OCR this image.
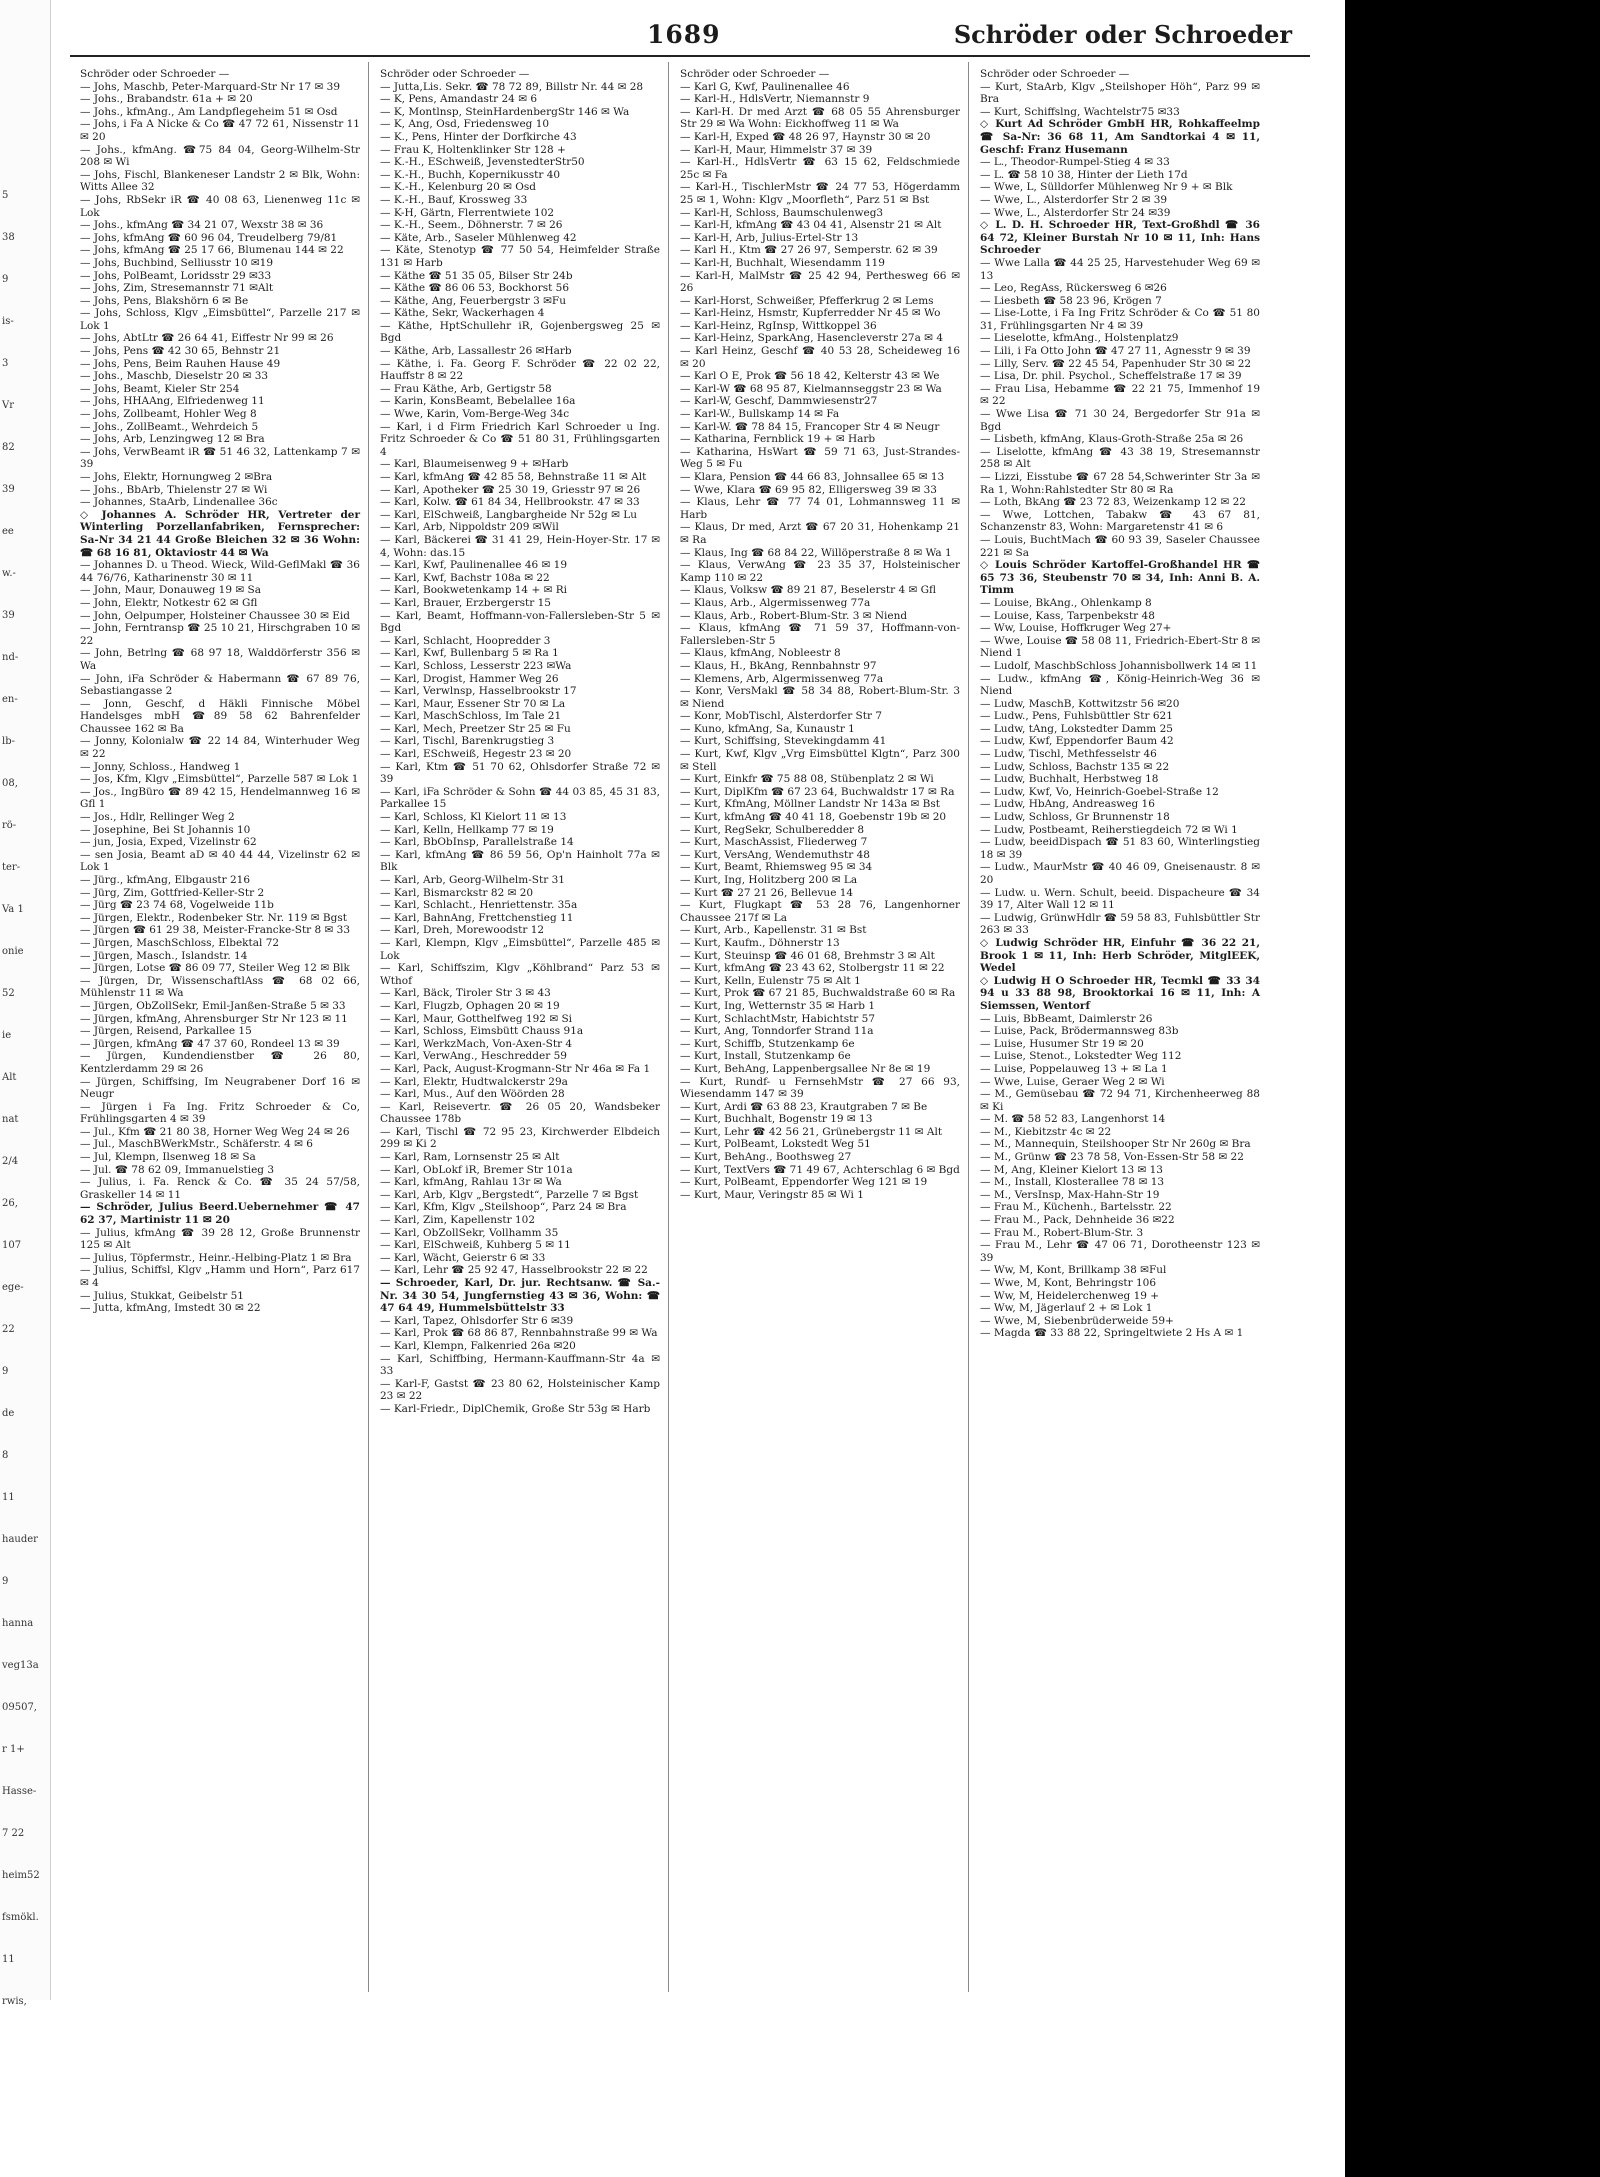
5
38
9
is-
3
Vr
82
39
ee
w.-
39
nd-
en-
lb-
08,
rö-
ter-
Va 1
onie
52
ie
Alt
nat
2/4
26,
107
ege-
22
9
de
8
11
hauder
9
hanna
veg13a
09507,
r 1+
Hasse-
7 22
heim52
fsmökl.
11
rwis,
1689	Schröder oder Schroeder

Schröder oder Schroeder —

— Johs, Maschb, Peter-Marquard-Str Nr 17 ✉ 39

— Johs., Brabandstr. 61a + ✉ 20

— Johs., kfmAng., Am Landpflegeheim 51 ✉ Osd

— Johs, i Fa A Nicke & Co ☎ 47 72 61, Nissenstr 11 ✉ 20

— Johs., kfmAng. ☎75 84 04, Georg-Wilhelm-Str 208 ✉ Wi

— Johs, Fischl, Blankeneser Landstr 2 ✉ Blk, Wohn: Witts Allee 32

— Johs, RbSekr iR ☎ 40 08 63, Lienenweg 11c ✉ Lok

— Johs., kfmAng ☎ 34 21 07, Wexstr 38 ✉ 36

— Johs, kfmAng ☎ 60 96 04, Treudelberg 79/81

— Johs, kfmAng ☎ 25 17 66, Blumenau 144 ✉ 22

— Johs, Buchbind, Selliusstr 10 ✉19

— Johs, PolBeamt, Loridsstr 29 ✉33

— Johs, Zim, Stresemannstr 71 ✉Alt

— Johs, Pens, Blakshörn 6 ✉ Be

— Johs, Schloss, Klgv „Eimsbüttel“, Parzelle 217 ✉ Lok 1

— Johs, AbtLtr ☎ 26 64 41, Eiffestr Nr 99 ✉ 26

— Johs, Pens ☎ 42 30 65, Behnstr 21

— Johs, Pens, Beim Rauhen Hause 49

— Johs., Maschb, Dieselstr 20 ✉ 33

— Johs, Beamt, Kieler Str 254

— Johs, HHAAng, Elfriedenweg 11

— Johs, Zollbeamt, Hohler Weg 8

— Johs., ZollBeamt., Wehrdeich 5

— Johs, Arb, Lenzingweg 12 ✉ Bra

— Johs, VerwBeamt iR ☎ 51 46 32, Lattenkamp 7 ✉ 39

— Johs, Elektr, Hornungweg 2 ✉Bra

— Johs., BbArb, Thielenstr 27 ✉ Wi

— Johannes, StaArb, Lindenallee 36c

◇ Johannes A. Schröder HR, Vertreter der Winterling Porzellanfabriken, Fernsprecher: Sa-Nr 34 21 44 Große Bleichen 32 ✉ 36 Wohn: ☎ 68 16 81, Oktaviostr 44 ✉ Wa

— Johannes D. u Theod. Wieck, Wild-GeflMakl ☎ 36 44 76/76, Katharinenstr 30 ✉ 11

— John, Maur, Donauweg 19 ✉ Sa

— John, Elektr, Notkestr 62 ✉ Gfl

— John, Oelpumper, Holsteiner Chaussee 30 ✉ Eid

— John, Ferntransp ☎ 25 10 21, Hirschgraben 10 ✉ 22

— John, Betrlng ☎ 68 97 18, Walddörferstr 356 ✉ Wa

— John, iFa Schröder & Habermann ☎ 67 89 76, Sebastiangasse 2

— Jonn, Geschf, d Häkli Finnische Möbel Handelsges mbH ☎89 58 62 Bahrenfelder Chaussee 162 ✉ Ba

— Jonny, Kolonialw ☎ 22 14 84, Winterhuder Weg ✉ 22

— Jonny, Schloss., Handweg 1

— Jos, Kfm, Klgv „Eimsbüttel“, Parzelle 587 ✉ Lok 1

— Jos., IngBüro ☎ 89 42 15, Hendelmannweg 16 ✉ Gfl 1

— Jos., Hdlr, Rellinger Weg 2

— Josephine, Bei St Johannis 10

— jun, Josia, Exped, Vizelinstr 62

— sen Josia, Beamt aD ✉ 40 44 44, Vizelinstr 62 ✉ Lok 1

— Jürg., kfmAng, Elbgaustr 216

— Jürg, Zim, Gottfried-Keller-Str 2

— Jürg ☎ 23 74 68, Vogelweide 11b

— Jürgen, Elektr., Rodenbeker Str. Nr. 119 ✉ Bgst

— Jürgen ☎ 61 29 38, Meister-Francke-Str 8 ✉ 33

— Jürgen, MaschSchloss, Elbektal 72

— Jürgen, Masch., Islandstr. 14

— Jürgen, Lotse ☎ 86 09 77, Steiler Weg 12 ✉ Blk

— Jürgen, Dr, WissenschaftlAss ☎ 68 02 66, Mühlenstr 11 ✉ Wa

— Jürgen, ObZollSekr, Emil-Janßen-Straße 5 ✉ 33

— Jürgen, kfmAng, Ahrensburger Str Nr 123 ✉ 11

— Jürgen, Reisend, Parkallee 15

— Jürgen, kfmAng ☎ 47 37 60, Rondeel 13 ✉ 39

— Jürgen, Kundendienstber ☎ 26 80, Kentzlerdamm 29 ✉ 26

— Jürgen, Schiffsing, Im Neugrabener Dorf 16 ✉ Neugr

— Jürgen i Fa Ing. Fritz Schroeder & Co, Frühlingsgarten 4 ✉ 39

— Jul., Kfm ☎ 21 80 38, Horner Weg Weg 24 ✉ 26

— Jul., MaschBWerkMstr., Schäferstr. 4 ✉ 6

— Jul, Klempn, Ilsenweg 18 ✉ Sa

— Jul. ☎ 78 62 09, Immanuelstieg 3

— Julius, i. Fa. Renck & Co. ☎ 35 24 57/58, Graskeller 14 ✉ 11

— Schröder, Julius Beerd.Uebernehmer ☎ 47 62 37, Martinistr 11 ✉ 20

— Julius, kfmAng ☎ 39 28 12, Große Brunnenstr 125 ✉ Alt

— Julius, Töpfermstr., Heinr.-Helbing-Platz 1 ✉ Bra

— Julius, Schiffsl, Klgv „Hamm und Horn“, Parz 617 ✉ 4

— Julius, Stukkat, Geibelstr 51

— Jutta, kfmAng, Imstedt 30 ✉ 22

Schröder oder Schroeder —

— Jutta,Lis. Sekr. ☎ 78 72 89, Billstr Nr. 44 ✉ 28

— K, Pens, Amandastr 24 ✉ 6

— K, Montlnsp, SteinHardenbergStr 146 ✉ Wa

— K, Ang, Osd, Friedensweg 10

— K., Pens, Hinter der Dorfkirche 43

— Frau K, Holtenklinker Str 128 +

— K.-H., ESchweiß, JevenstedterStr50

— K.-H., Buchh, Kopernikusstr 40

— K.-H., Kelenburg 20 ✉ Osd

— K.-H., Bauf, Krossweg 33

— K-H, Gärtn, Flerrentwiete 102

— K.-H., Seem., Döhnerstr. 7 ✉ 26

— Käte, Arb., Saseler Mühlenweg 42

— Käte, Stenotyp ☎ 77 50 54, Heimfelder Straße 131 ✉ Harb

— Käthe ☎ 51 35 05, Bilser Str 24b

— Käthe ☎ 86 06 53, Bockhorst 56

— Käthe, Ang, Feuerbergstr 3 ✉Fu

— Käthe, Sekr, Wackerhagen 4

— Käthe, HptSchullehr iR, Gojenbergsweg 25 ✉ Bgd

— Käthe, Arb, Lassallestr 26 ✉Harb

— Käthe, i. Fa. Georg F. Schröder ☎ 22 02 22, Hauffstr 8 ✉ 22

— Frau Käthe, Arb, Gertigstr 58

— Karin, KonsBeamt, Bebelallee 16a

— Wwe, Karin, Vom-Berge-Weg 34c

— Karl, i d Firm Friedrich Karl Schroeder u Ing. Fritz Schroeder & Co ☎ 51 80 31, Frühlingsgarten 4

— Karl, Blaumeisenweg 9 + ✉Harb

— Karl, kfmAng ☎ 42 85 58, Behnstraße 11 ✉ Alt

— Karl, Apotheker ☎ 25 30 19, Griesstr 97 ✉ 26

— Karl, Kolw. ☎ 61 84 34, Hellbrookstr. 47 ✉ 33

— Karl, ElSchweiß, Langbargheide Nr 52g ✉ Lu

— Karl, Arb, Nippoldstr 209 ✉Wil

— Karl, Bäckerei ☎ 31 41 29, Hein-Hoyer-Str. 17 ✉ 4, Wohn: das.15

— Karl, Kwf, Paulinenallee 46 ✉ 19

— Karl, Kwf, Bachstr 108a ✉ 22

— Karl, Bookwetenkamp 14 + ✉ Ri

— Karl, Brauer, Erzbergerstr 15

— Karl, Beamt, Hoffmann-von-Fallersleben-Str 5 ✉ Bgd

— Karl, Schlacht, Hoopredder 3

— Karl, Kwf, Bullenbarg 5 ✉ Ra 1

— Karl, Schloss, Lesserstr 223 ✉Wa

— Karl, Drogist, Hammer Weg 26

— Karl, Verwlnsp, Hasselbrookstr 17

— Karl, Maur, Essener Str 70 ✉ La

— Karl, MaschSchloss, Im Tale 21

— Karl, Mech, Preetzer Str 25 ✉ Fu

— Karl, Tischl, Barenkrugstieg 3

— Karl, ESchweiß, Hegestr 23 ✉ 20

— Karl, Ktm ☎ 51 70 62, Ohlsdorfer Straße 72 ✉ 39

— Karl, iFa Schröder & Sohn ☎ 44 03 85, 45 31 83, Parkallee 15

— Karl, Schloss, Kl Kielort 11 ✉ 13

— Karl, Kelln, Hellkamp 77 ✉ 19

— Karl, BbObInsp, Parallelstraße 14

— Karl, kfmAng ☎ 86 59 56, Op'n Hainholt 77a ✉ Blk

— Karl, Arb, Georg-Wilhelm-Str 31

— Karl, Bismarckstr 82 ✉ 20

— Karl, Schlacht., Henriettenstr. 35a

— Karl, BahnAng, Frettchenstieg 11

— Karl, Dreh, Morewoodstr 12

— Karl, Klempn, Klgv „Eimsbüttel“, Parzelle 485 ✉ Lok

— Karl, Schiffszim, Klgv „Köhlbrand“ Parz 53 ✉ Wthof

— Karl, Bäck, Tiroler Str 3 ✉ 43

— Karl, Flugzb, Ophagen 20 ✉ 19

— Karl, Maur, Gotthelfweg 192 ✉ Si

— Karl, Schloss, Eimsbütt Chauss 91a

— Karl, WerkzMach, Von-Axen-Str 4

— Karl, VerwAng., Heschredder 59

— Karl, Pack, August-Krogmann-Str Nr 46a ✉ Fa 1

— Karl, Elektr, Hudtwalckerstr 29a

— Karl, Mus., Auf den Wöörden 28

— Karl, Reisevertr. ☎ 26 05 20, Wandsbeker Chaussee 178b

— Karl, Tischl ☎ 72 95 23, Kirchwerder Elbdeich 299 ✉ Ki 2

— Karl, Ram, Lornsenstr 25 ✉ Alt

— Karl, ObLokf iR, Bremer Str 101a

— Karl, kfmAng, Rahlau 13r ✉ Wa

— Karl, Arb, Klgv „Bergstedt“, Parzelle 7 ✉ Bgst

— Karl, Kfm, Klgv „Steilshoop“, Parz 24 ✉ Bra

— Karl, Zim, Kapellenstr 102

— Karl, ObZollSekr, Vollhamm 35

— Karl, ElSchweiß, Kuhberg 5 ✉ 11

— Karl, Wächt, Geierstr 6 ✉ 33

— Karl, Lehr ☎ 25 92 47, Hasselbrookstr 22 ✉ 22

— Schroeder, Karl, Dr. jur. Rechtsanw. ☎ Sa.-Nr. 34 30 54, Jungfernstieg 43 ✉ 36, Wohn: ☎ 47 64 49, Hummelsbüttelstr 33

— Karl, Tapez, Ohlsdorfer Str 6 ✉39

— Karl, Prok ☎ 68 86 87, Rennbahnstraße 99 ✉ Wa

— Karl, Klempn, Falkenried 26a ✉20

— Karl, Schiffbing, Hermann-Kauffmann-Str 4a ✉ 33

— Karl-F, Gastst ☎ 23 80 62, Holsteinischer Kamp 23 ✉ 22

— Karl-Friedr., DiplChemik, Große Str 53g ✉ Harb

Schröder oder Schroeder —

— Karl G, Kwf, Paulinenallee 46

— Karl-H., HdlsVertr, Niemannstr 9

— Karl-H. Dr med Arzt ☎ 68 05 55 Ahrensburger Str 29 ✉ Wa Wohn: Eickhoffweg 11 ✉ Wa

— Karl-H, Exped ☎ 48 26 97, Haynstr 30 ✉ 20

— Karl-H, Maur, Himmelstr 37 ✉ 39

— Karl-H., HdlsVertr ☎ 63 15 62, Feldschmiede 25c ✉ Fa

— Karl-H., TischlerMstr ☎ 24 77 53, Högerdamm 25 ✉ 1, Wohn: Klgv „Moorfleth“, Parz 51 ✉ Bst

— Karl-H, Schloss, Baumschulenweg3

— Karl-H, kfmAng ☎ 43 04 41, Alsenstr 21 ✉ Alt

— Karl-H, Arb, Julius-Ertel-Str 13

— Karl H., Ktm ☎ 27 26 97, Semperstr. 62 ✉ 39

— Karl-H, Buchhalt, Wiesendamm 119

— Karl-H, MalMstr ☎ 25 42 94, Perthesweg 66 ✉ 26

— Karl-Horst, Schweißer, Pfefferkrug 2 ✉ Lems

— Karl-Heinz, Hsmstr, Kupferredder Nr 45 ✉ Wo

— Karl-Heinz, RgInsp, Wittkoppel 36

— Karl-Heinz, SparkAng, Hasencleverstr 27a ✉ 4

— Karl Heinz, Geschf ☎ 40 53 28, Scheideweg 16 ✉ 20

— Karl O E, Prok ☎ 56 18 42, Kelterstr 43 ✉ We

— Karl-W ☎ 68 95 87, Kielmannseggstr 23 ✉ Wa

— Karl-W, Geschf, Dammwiesenstr27

— Karl-W., Bullskamp 14 ✉ Fa

— Karl-W. ☎ 78 84 15, Francoper Str 4 ✉ Neugr

— Katharina, Fernblick 19 + ✉ Harb

— Katharina, HsWart ☎ 59 71 63, Just-Strandes-Weg 5 ✉ Fu

— Klara, Pension ☎ 44 66 83, Johnsallee 65 ✉ 13

— Wwe, Klara ☎ 69 95 82, Elligersweg 39 ✉ 33

— Klaus, Lehr ☎ 77 74 01, Lohmannsweg 11 ✉ Harb

— Klaus, Dr med, Arzt ☎ 67 20 31, Hohenkamp 21 ✉ Ra

— Klaus, Ing ☎ 68 84 22, Willöperstraße 8 ✉ Wa 1

— Klaus, VerwAng ☎ 23 35 37, Holsteinischer Kamp 110 ✉ 22

— Klaus, Volksw ☎ 89 21 87, Beselerstr 4 ✉ Gfl

— Klaus, Arb., Algermissenweg 77a

— Klaus, Arb., Robert-Blum-Str. 3 ✉ Niend

— Klaus, kfmAng ☎ 71 59 37, Hoffmann-von-Fallersleben-Str 5

— Klaus, kfmAng, Nobleestr 8

— Klaus, H., BkAng, Rennbahnstr 97

— Klemens, Arb, Algermissenweg 77a

— Konr, VersMakl ☎ 58 34 88, Robert-Blum-Str. 3 ✉ Niend

— Konr, MobTischl, Alsterdorfer Str 7

— Kuno, kfmAng, Sa, Kunaustr 1

— Kurt, Schiffsing, Stevekingdamm 41

— Kurt, Kwf, Klgv „Vrg Eimsbüttel Klgtn“, Parz 300 ✉ Stell

— Kurt, Einkfr ☎ 75 88 08, Stübenplatz 2 ✉ Wi

— Kurt, DiplKfm ☎ 67 23 64, Buchwaldstr 17 ✉ Ra

— Kurt, KfmAng, Möllner Landstr Nr 143a ✉ Bst

— Kurt, kfmAng ☎ 40 41 18, Goebenstr 19b ✉ 20

— Kurt, RegSekr, Schulberedder 8

— Kurt, MaschAssist, Fliederweg 7

— Kurt, VersAng, Wendemuthstr 48

— Kurt, Beamt, Rhiemsweg 95 ✉ 34

— Kurt, Ing, Holitzberg 200 ✉ La

— Kurt ☎ 27 21 26, Bellevue 14

— Kurt, Flugkapt ☎ 53 28 76, Langenhorner Chaussee 217f ✉ La

— Kurt, Arb., Kapellenstr. 31 ✉ Bst

— Kurt, Kaufm., Döhnerstr 13

— Kurt, Steuinsp ☎ 46 01 68, Brehmstr 3 ✉ Alt

— Kurt, kfmAng ☎ 23 43 62, Stolbergstr 11 ✉ 22

— Kurt, Kelln, Eulenstr 75 ✉ Alt 1

— Kurt, Prok ☎ 67 21 85, Buchwaldstraße 60 ✉ Ra

— Kurt, Ing, Wetternstr 35 ✉ Harb 1

— Kurt, SchlachtMstr, Habichtstr 57

— Kurt, Ang, Tonndorfer Strand 11a

— Kurt, Schiffb, Stutzenkamp 6e

— Kurt, Install, Stutzenkamp 6e

— Kurt, BehAng, Lappenbergsallee Nr 8e ✉ 19

— Kurt, Rundf- u FernsehMstr ☎ 27 66 93, Wiesendamm 147 ✉ 39

— Kurt, Ardi ☎ 63 88 23, Krautgraben 7 ✉ Be

— Kurt, Buchhalt, Bogenstr 19 ✉ 13

— Kurt, Lehr ☎ 42 56 21, Grünebergstr 11 ✉ Alt

— Kurt, PolBeamt, Lokstedt Weg 51

— Kurt, BehAng., Boothsweg 27

— Kurt, TextVers ☎ 71 49 67, Achterschlag 6 ✉ Bgd

— Kurt, PolBeamt, Eppendorfer Weg 121 ✉ 19

— Kurt, Maur, Veringstr 85 ✉ Wi 1

Schröder oder Schroeder —

— Kurt, StaArb, Klgv „Steilshoper Höh“, Parz 99 ✉ Bra

— Kurt, Schiffslng, Wachtelstr75 ✉33

◇ Kurt Ad Schröder GmbH HR, Rohkaffeelmp ☎ Sa-Nr: 36 68 11, Am Sandtorkai 4 ✉ 11, Geschf: Franz Husemann

— L., Theodor-Rumpel-Stieg 4 ✉ 33

— L. ☎ 58 10 38, Hinter der Lieth 17d

— Wwe, L, Sülldorfer Mühlenweg Nr 9 + ✉ Blk

— Wwe, L., Alsterdorfer Str 2 ✉ 39

— Wwe, L., Alsterdorfer Str 24 ✉39

◇ L. D. H. Schroeder HR, Text-Großhdl ☎ 36 64 72, Kleiner Burstah Nr 10 ✉ 11, Inh: Hans Schroeder

— Wwe Lalla ☎ 44 25 25, Harvestehuder Weg 69 ✉ 13

— Leo, RegAss, Rückersweg 6 ✉26

— Liesbeth ☎ 58 23 96, Krögen 7

— Lise-Lotte, i Fa Ing Fritz Schröder & Co ☎ 51 80 31, Frühlingsgarten Nr 4 ✉ 39

— Lieselotte, kfmAng., Holstenplatz9

— Lili, i Fa Otto John ☎ 47 27 11, Agnesstr 9 ✉ 39

— Lilly, Serv. ☎ 22 45 54, Papenhuder Str 30 ✉ 22

— Lisa, Dr. phil. Psychol., Scheffelstraße 17 ✉ 39

— Frau Lisa, Hebamme ☎ 22 21 75, Immenhof 19 ✉ 22

— Wwe Lisa ☎ 71 30 24, Bergedorfer Str 91a ✉ Bgd

— Lisbeth, kfmAng, Klaus-Groth-Straße 25a ✉ 26

— Liselotte, kfmAng ☎ 43 38 19, Stresemannstr 258 ✉ Alt

— Lizzi, Eisstube ☎ 67 28 54,Schwerinter Str 3a ✉ Ra 1, Wohn:Rahlstedter Str 80 ✉ Ra

— Loth, BkAng ☎ 23 72 83, Weizenkamp 12 ✉ 22

— Wwe, Lottchen, Tabakw ☎ 43 67 81, Schanzenstr 83, Wohn: Margaretenstr 41 ✉ 6

— Louis, BuchtMach ☎ 60 93 39, Saseler Chaussee 221 ✉ Sa

◇ Louis Schröder Kartoffel-Großhandel HR ☎ 65 73 36, Steubenstr 70 ✉ 34, Inh: Anni B. A. Timm

— Louise, BkAng., Ohlenkamp 8

— Louise, Kass, Tarpenbekstr 48

— Ww, Louise, Hoffkruger Weg 27+

— Wwe, Louise ☎ 58 08 11, Friedrich-Ebert-Str 8 ✉ Niend 1

— Ludolf, MaschbSchloss Johannisbollwerk 14 ✉ 11

— Ludw., kfmAng ☎, König-Heinrich-Weg 36 ✉ Niend

— Ludw, MaschB, Kottwitzstr 56 ✉20

— Ludw., Pens, Fuhlsbüttler Str 621

— Ludw, tAng, Lokstedter Damm 25

— Ludw, Kwf, Eppendorfer Baum 42

— Ludw, Tischl, Methfesselstr 46

— Ludw, Schloss, Bachstr 135 ✉ 22

— Ludw, Buchhalt, Herbstweg 18

— Ludw, Kwf, Vo, Heinrich-Goebel-Straße 12

— Ludw, HbAng, Andreasweg 16

— Ludw, Schloss, Gr Brunnenstr 18

— Ludw, Postbeamt, Reiherstiegdeich 72 ✉ Wi 1

— Ludw, beeidDispach ☎ 51 83 60, Winterlingstieg 18 ✉ 39

— Ludw., MaurMstr ☎ 40 46 09, Gneisenaustr. 8 ✉ 20

— Ludw. u. Wern. Schult, beeid. Dispacheure ☎ 34 39 17, Alter Wall 12 ✉ 11

— Ludwig, GrünwHdlr ☎ 59 58 83, Fuhlsbüttler Str 263 ✉ 33

◇ Ludwig Schröder HR, Einfuhr ☎ 36 22 21, Brook 1 ✉ 11, Inh: Herb Schröder, MitglEEK, Wedel

◇ Ludwig H O Schroeder HR, Tecmkl ☎ 33 34 94 u 33 88 98, Brooktorkai 16 ✉ 11, Inh: A Siemssen, Wentorf

— Luis, BbBeamt, Daimlerstr 26

— Luise, Pack, Brödermannsweg 83b

— Luise, Husumer Str 19 ✉ 20

— Luise, Stenot., Lokstedter Weg 112

— Luise, Poppelauweg 13 + ✉ La 1

— Wwe, Luise, Geraer Weg 2 ✉ Wi

— M., Gemüsebau ☎ 72 94 71, Kirchenheerweg 88 ✉ Ki

— M. ☎ 58 52 83, Langenhorst 14

— M., Kiebitzstr 4c ✉ 22

— M., Mannequin, Steilshooper Str Nr 260g ✉ Bra

— M., Grünw ☎ 23 78 58, Von-Essen-Str 58 ✉ 22

— M, Ang, Kleiner Kielort 13 ✉ 13

— M., Install, Klosterallee 78 ✉ 13

— M., VersInsp, Max-Hahn-Str 19

— Frau M., Küchenh., Bartelsstr. 22

— Frau M., Pack, Dehnheide 36 ✉22

— Frau M., Robert-Blum-Str. 3

— Frau M., Lehr ☎ 47 06 71, Dorotheenstr 123 ✉ 39

— Ww, M, Kont, Brillkamp 38 ✉Ful

— Wwe, M, Kont, Behringstr 106

— Ww, M, Heidelerchenweg 19 +

— Ww, M, Jägerlauf 2 + ✉ Lok 1

— Wwe, M, Siebenbrüderweide 59+

— Magda ☎ 33 88 22, Springeltwiete 2 Hs A ✉ 1
